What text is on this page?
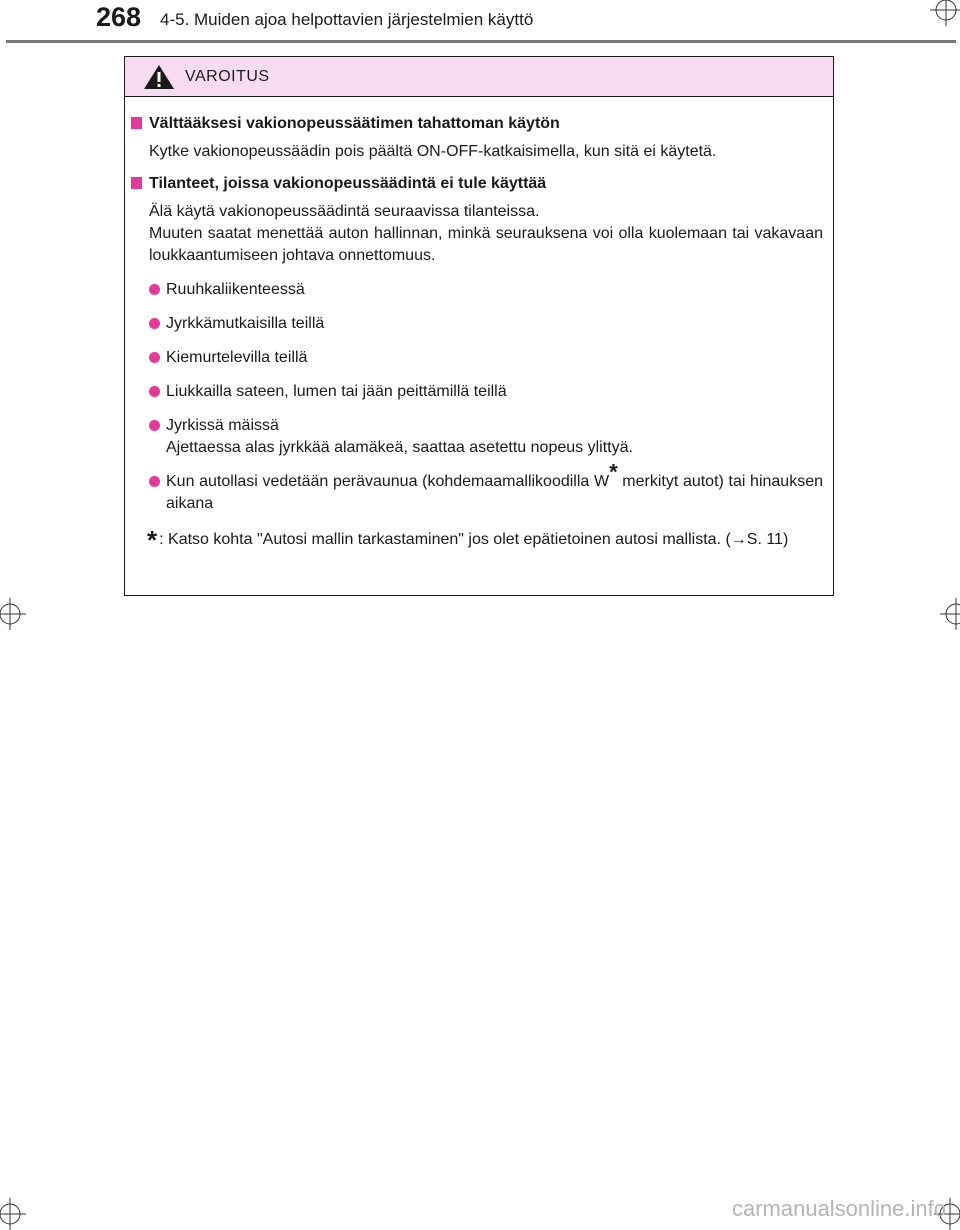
268 4-5. Muiden ajoa helpottavien järjestelmien käyttö
VAROITUS
Välttääksesi vakionopeussäätimen tahattoman käytön
Kytke vakionopeussäädin pois päältä ON-OFF-katkaisimella, kun sitä ei käytetä.
Tilanteet, joissa vakionopeussäädintä ei tule käyttää
Älä käytä vakionopeussäädintä seuraavissa tilanteissa.
Muuten saatat menettää auton hallinnan, minkä seurauksena voi olla kuolemaan tai vakavaan loukkaantumiseen johtava onnettomuus.
Ruuhkaliikenteessä
Jyrkkämutkaisilla teillä
Kiemurtelevilla teillä
Liukkailla sateen, lumen tai jään peittämillä teillä
Jyrkissä mäissä
Ajettaessa alas jyrkkää alamäkeä, saattaa asetettu nopeus ylittyä.
Kun autollasi vedetään perävaunua (kohdemaamallikoodilla W* merkityt autot) tai hinauksen aikana
* : Katso kohta "Autosi mallin tarkastaminen" jos olet epätietoinen autosi mallista. (→S. 11)
carmanualsonline.info
